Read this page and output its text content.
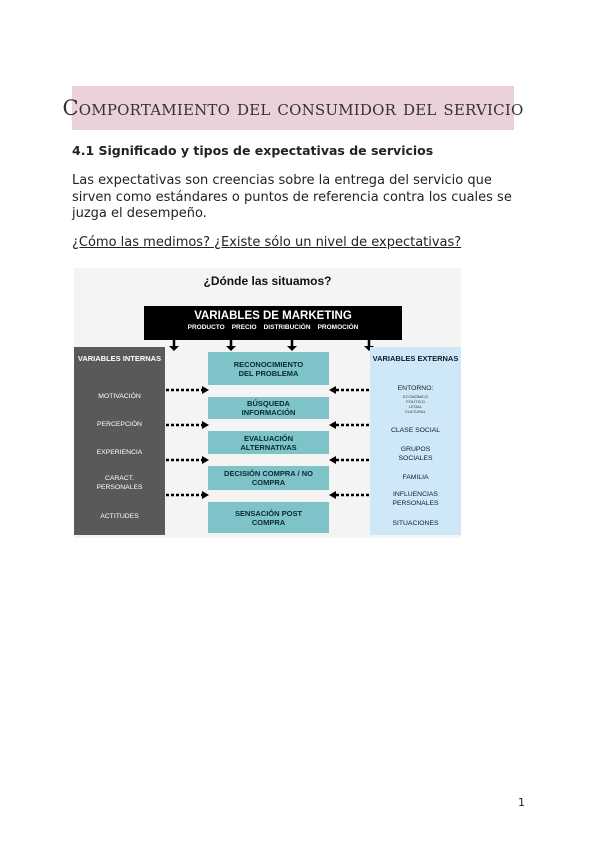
Comportamiento del consumidor del servicio
4.1 Significado y tipos de expectativas de servicios
Las expectativas son creencias sobre la entrega del servicio que sirven como estándares o puntos de referencia contra los cuales se juzga el desempeño.
¿Cómo las medimos? ¿Existe sólo un nivel de expectativas?
¿Dónde las situamos?
VARIABLES DE MARKETING
PRODUCTO PRECIO DISTRIBUCIÓN PROMOCIÓN
VARIABLES INTERNAS
MOTIVACIÓN
PERCEPCIÓN
EXPERIENCIA
CARACT. PERSONALES
ACTITUDES
VARIABLES EXTERNAS
ENTORNO:
ECONÓMICO
POLÍTICO
LEGAL
CULTURAL
CLASE SOCIAL
GRUPOS SOCIALES
FAMILIA
INFLUENCIAS PERSONALES
SITUACIONES
RECONOCIMIENTO DEL PROBLEMA
BÚSQUEDA INFORMACIÓN
EVALUACIÓN ALTERNATIVAS
DECISIÓN COMPRA / NO COMPRA
SENSACIÓN POST COMPRA
1
